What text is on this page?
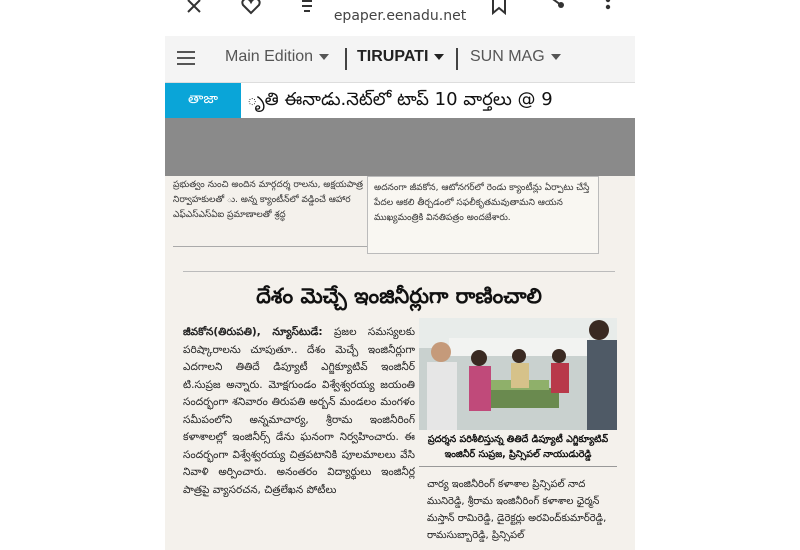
epaper.eenadu.net
Main Edition	TIRUPATI	SUN MAG
ృతి ఈనాడు.నెట్‌లో టాప్ 10 వార్తలు @ 9
తాజా
ప్రభుత్వం నుంచి అందిన మార్గదర్శ రాలను, అక్షయపాత్ర నిర్వాహకులతో ు. అన్న క్యాంటీన్‌లో వడ్డించే ఆహార ఎఫ్‌ఎస్ఎస్ఏఐ ప్రమాణాలతో శ్రద్ధ
అదనంగా జీవకోన, ఆటోనగర్‌లో రెండు క్యాంటీన్లు ఏర్పాటు చేస్తే పేదల ఆకలి తీర్చడంలో సఫలీకృతమవుతామని ఆయన ముఖ్యమంత్రికి వినతిపత్రం అందజేశారు.
దేశం మెచ్చే ఇంజినీర్లుగా రాణించాలి
జీవకోన(తిరుపతి), న్యూస్‌టుడే: ప్రజల సమస్యలకు పరిష్కారాలను చూపుతూ.. దేశం మెచ్చే ఇంజినీర్లుగా ఎదగాలని తితిదే డిప్యూటీ ఎగ్జిక్యూటివ్ ఇంజినీర్ టి.సుప్రజ అన్నారు. మోక్షగుండం విశ్వేశ్వరయ్య జయంతి సందర్భంగా శనివారం తిరుపతి అర్బన్ మండలం మంగళం సమీపంలోని అన్నమాచార్య, శ్రీరామ ఇంజినీరింగ్ కళాశాలల్లో ఇంజినీర్స్ డేను ఘనంగా నిర్వహించారు. ఈ సందర్భంగా విశ్వేశ్వరయ్య చిత్రపటానికి పూలమాలలు వేసి నివాళి అర్పించారు. అనంతరం విద్యార్థులు ఇంజినీర్ల పాత్రపై వ్యాసరచన, చిత్రలేఖన పోటీలు
ప్రదర్శన పరిశీలిస్తున్న తితిదే డిప్యూటీ ఎగ్జిక్యూటివ్ ఇంజినీర్ సుప్రజ, ప్రిన్సిపల్ నాయుడురెడ్డి
చార్య ఇంజినీరింగ్ కళాశాల ప్రిన్సిపల్ నాద మునిరెడ్డి, శ్రీరామ ఇంజినీరింగ్ కళాశాల ఛైర్మన్ మస్తాన్ రామిరెడ్డి, డైరెక్టర్లు అరవింద్‌కుమార్‌రెడ్డి, రామసుబ్బారెడ్డి, ప్రిన్సిపల్
